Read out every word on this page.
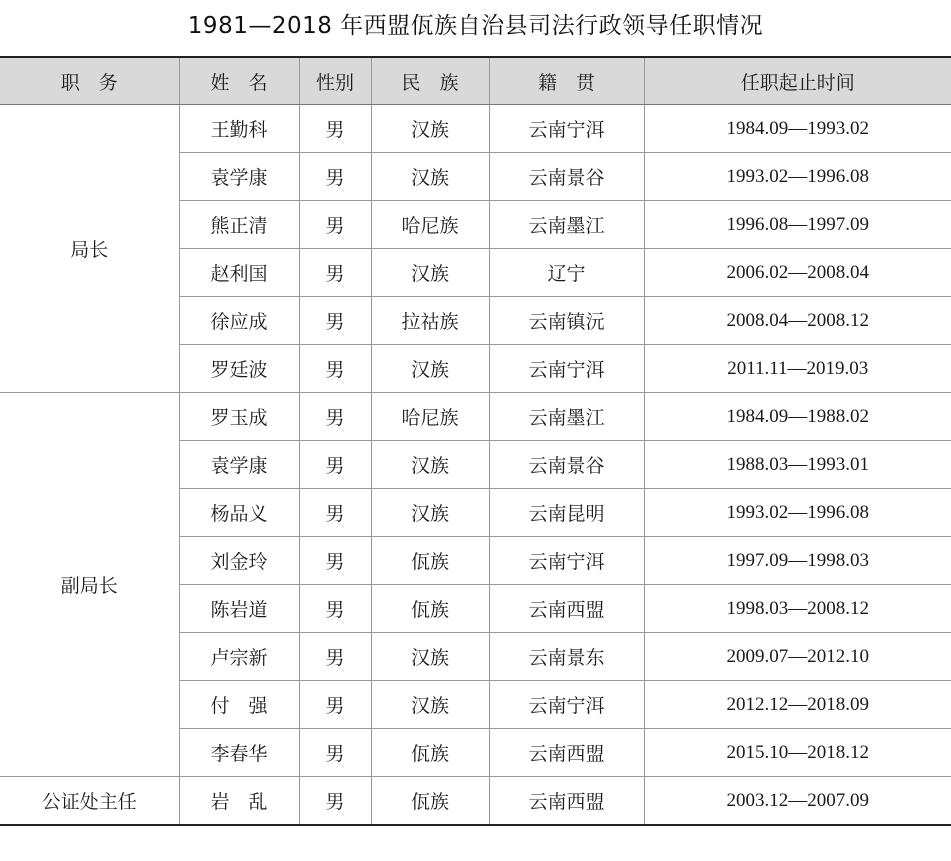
1981—2018 年西盟佤族自治县司法行政领导任职情况
职　务	姓　名	性别	民　族	籍　贯	任职起止时间
局长	王勤科	男	汉族	云南宁洱	1984.09—1993.02
	袁学康	男	汉族	云南景谷	1993.02—1996.08
	熊正清	男	哈尼族	云南墨江	1996.08—1997.09
	赵利国	男	汉族	辽宁	2006.02—2008.04
	徐应成	男	拉祜族	云南镇沅	2008.04—2008.12
	罗廷波	男	汉族	云南宁洱	2011.11—2019.03
副局长	罗玉成	男	哈尼族	云南墨江	1984.09—1988.02
	袁学康	男	汉族	云南景谷	1988.03—1993.01
	杨品义	男	汉族	云南昆明	1993.02—1996.08
	刘金玲	男	佤族	云南宁洱	1997.09—1998.03
	陈岩道	男	佤族	云南西盟	1998.03—2008.12
	卢宗新	男	汉族	云南景东	2009.07—2012.10
	付　强	男	汉族	云南宁洱	2012.12—2018.09
	李春华	男	佤族	云南西盟	2015.10—2018.12
公证处主任	岩　乱	男	佤族	云南西盟	2003.12—2007.09
